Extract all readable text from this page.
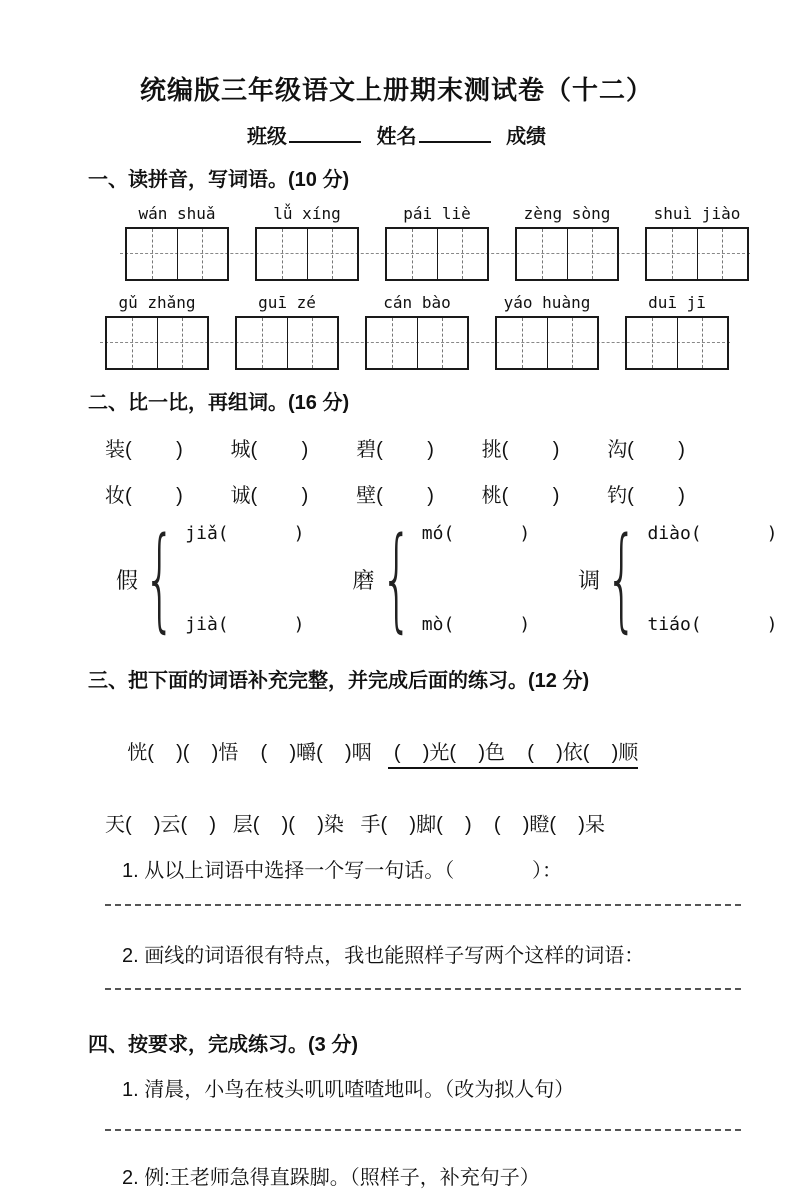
统编版三年级语文上册期末测试卷（十二）
班级	姓名	成绩
一、读拼音，写词语。(10 分)
wán shuǎ	lǚ xíng	pái liè	zèng sòng	shuì jiào
gǔ zhǎng	guī zé	cán bào	yáo huàng	duī jī
二、比一比，再组词。(16 分)
装(        ) 城(        ) 碧(        ) 挑(        ) 沟(        )
妆(        ) 诚(        ) 壁(        ) 桃(        ) 钓(        )
假 { jiǎ(      )
jià(      )
磨 { mó(      )
mò(      )
调 { diào(      )
tiáo(      )
三、把下面的词语补充完整，并完成后面的练习。(12 分)

恍(    )(    )悟    (    )嚼(    )咽    (    )光(    )色    (    )依(    )顺

天(    )云(    )   层(    )(    )染   手(    )脚(    )    (    )瞪(    )呆
1. 从以上词语中选择一个写一句话。（              ）：
2. 画线的词语很有特点，我也能照样子写两个这样的词语：
四、按要求，完成练习。(3 分)
1. 清晨，小鸟在枝头叽叽喳喳地叫。（改为拟人句）
2. 例:王老师急得直跺脚。（照样子，补充句子）
